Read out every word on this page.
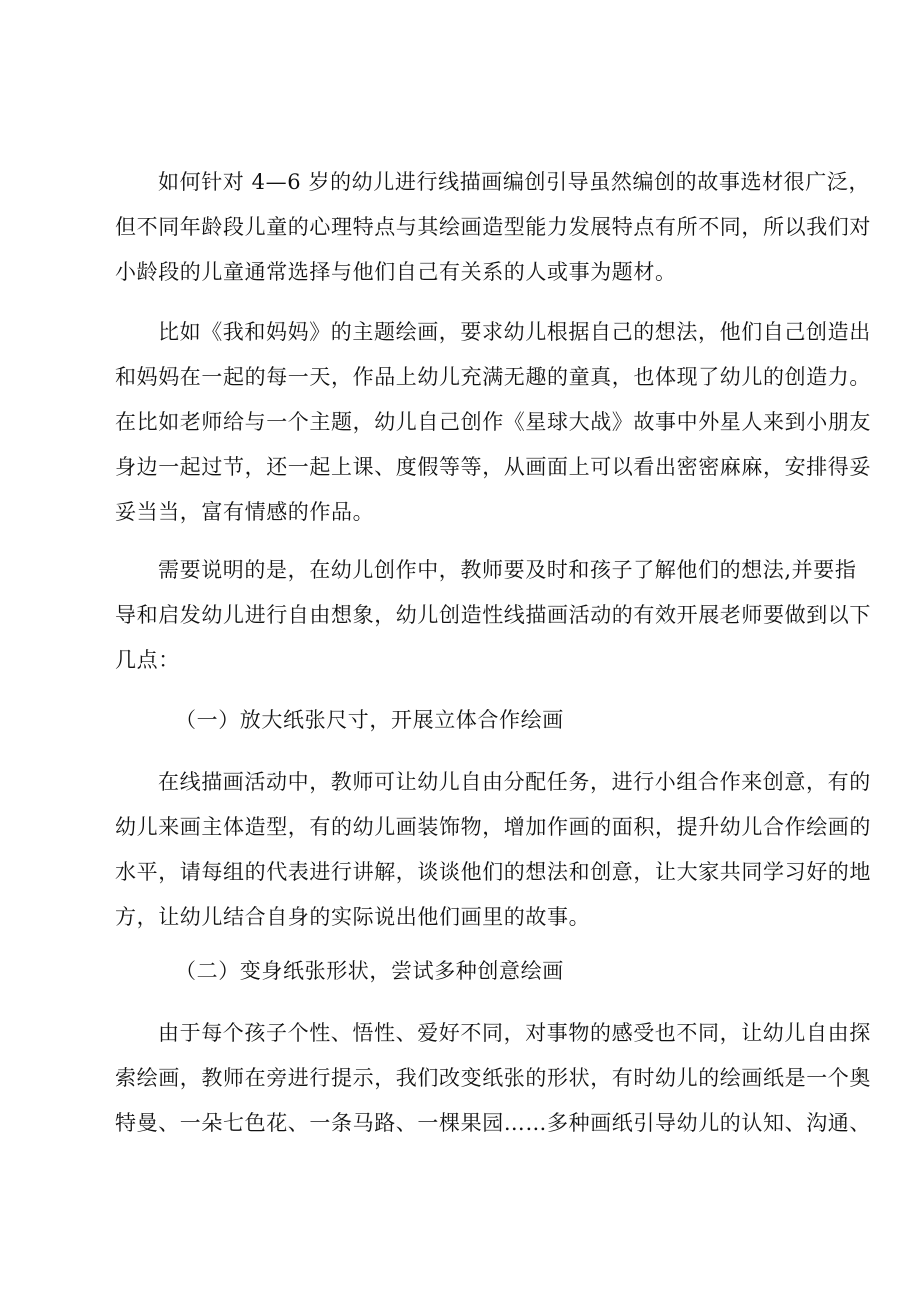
如何针对 4—6 岁的幼儿进行线描画编创引导虽然编创的故事选材很广泛，
但不同年龄段儿童的心理特点与其绘画造型能力发展特点有所不同，所以我们对
小龄段的儿童通常选择与他们自己有关系的人或事为题材。
比如《我和妈妈》的主题绘画，要求幼儿根据自己的想法，他们自己创造出
和妈妈在一起的每一天，作品上幼儿充满无趣的童真，也体现了幼儿的创造力。
在比如老师给与一个主题，幼儿自己创作《星球大战》故事中外星人来到小朋友
身边一起过节，还一起上课、度假等等，从画面上可以看出密密麻麻，安排得妥
妥当当，富有情感的作品。
需要说明的是，在幼儿创作中，教师要及时和孩子了解他们的想法,并要指
导和启发幼儿进行自由想象，幼儿创造性线描画活动的有效开展老师要做到以下
几点：
（一）放大纸张尺寸，开展立体合作绘画
在线描画活动中，教师可让幼儿自由分配任务，进行小组合作来创意，有的
幼儿来画主体造型，有的幼儿画装饰物，增加作画的面积，提升幼儿合作绘画的
水平，请每组的代表进行讲解，谈谈他们的想法和创意，让大家共同学习好的地
方，让幼儿结合自身的实际说出他们画里的故事。
（二）变身纸张形状，尝试多种创意绘画
由于每个孩子个性、悟性、爱好不同，对事物的感受也不同，让幼儿自由探
索绘画，教师在旁进行提示，我们改变纸张的形状，有时幼儿的绘画纸是一个奥
特曼、一朵七色花、一条马路、一棵果园……多种画纸引导幼儿的认知、沟通、
